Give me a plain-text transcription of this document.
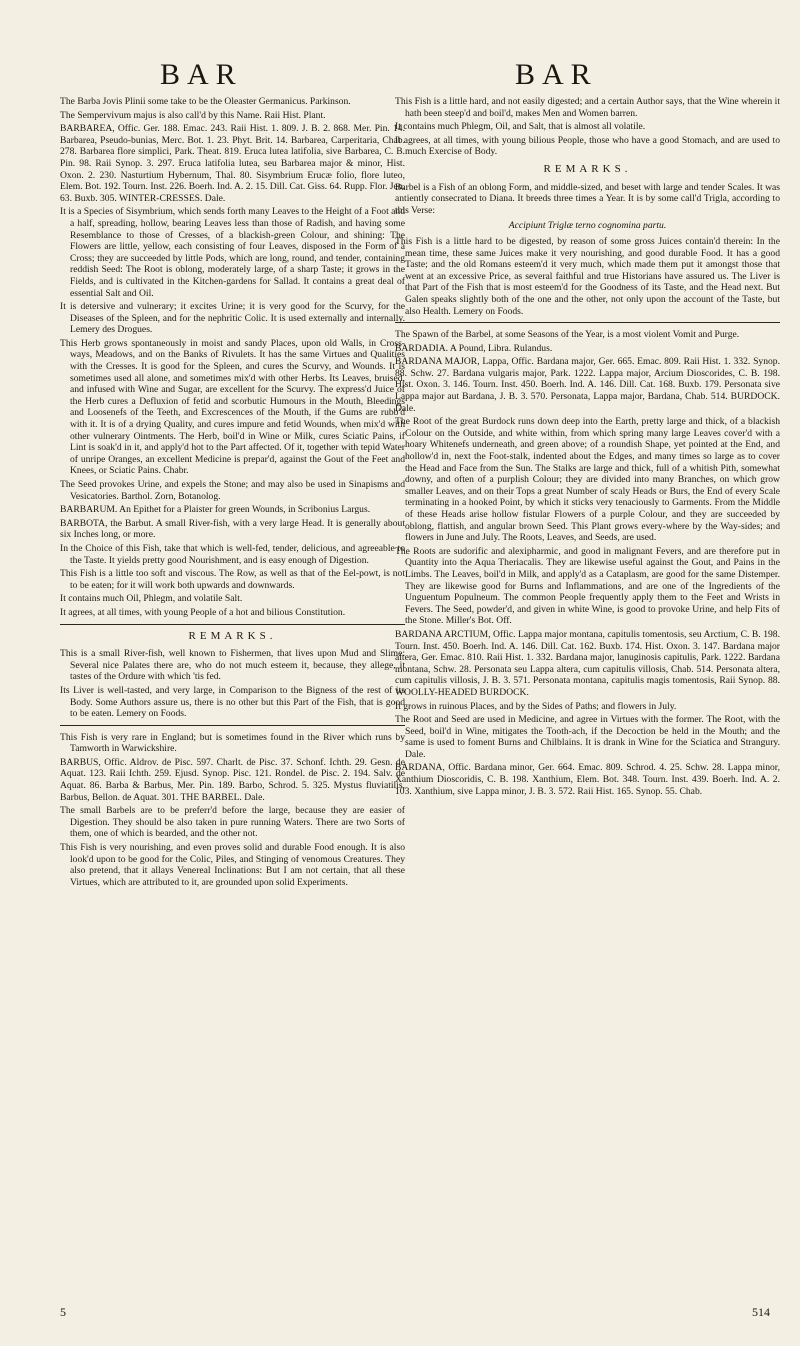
BAR	BAR

The Barba Jovis Plinii some take to be the Oleaster Germanicus. Parkinson.

The Sempervivum majus is also call'd by this Name. Raii Hist. Plant.

BARBAREA, Offic. Ger. 188. Emac. 243. Raii Hist. 1. 809. J. B. 2. 868. Mer. Pin. 14. Barbarea, Pseudo-bunias, Merc. Bot. 1. 23. Phyt. Brit. 14. Barbarea, Carperitaria, Chab. 278. Barbarea flore simplici, Park. Theat. 819. Eruca lutea latifolia, sive Barbarea, C. B. Pin. 98. Raii Synop. 3. 297. Eruca latifolia lutea, seu Barbarea major & minor, Hist. Oxon. 2. 230. Nasturtium Hybernum, Thal. 80. Sisymbrium Erucæ folio, flore luteo, Elem. Bot. 192. Tourn. Inst. 226. Boerh. Ind. A. 2. 15. Dill. Cat. Giss. 64. Rupp. Flor. Jen. 63. Buxb. 305. WINTER-CRESSES. Dale.

It is a Species of Sisymbrium, which sends forth many Leaves to the Height of a Foot and a half, spreading, hollow, bearing Leaves less than those of Radish, and having some Resemblance to those of Cresses, of a blackish-green Colour, and shining: The Flowers are little, yellow, each consisting of four Leaves, disposed in the Form of a Cross; they are succeeded by little Pods, which are long, round, and tender, containing reddish Seed: The Root is oblong, moderately large, of a sharp Taste; it grows in the Fields, and is cultivated in the Kitchen-gardens for Sallad. It contains a great deal of essential Salt and Oil.

It is detersive and vulnerary; it excites Urine; it is very good for the Scurvy, for the Diseases of the Spleen, and for the nephritic Colic. It is used externally and internally. Lemery des Drogues.

This Herb grows spontaneously in moist and sandy Places, upon old Walls, in Cross-ways, Meadows, and on the Banks of Rivulets. It has the same Virtues and Qualities with the Cresses. It is good for the Spleen, and cures the Scurvy, and Wounds. It is sometimes used all alone, and sometimes mix'd with other Herbs. Its Leaves, bruised, and infused with Wine and Sugar, are excellent for the Scurvy. The express'd Juice of the Herb cures a Defluxion of fetid and scorbutic Humours in the Mouth, Bleedings and Loosenefs of the Teeth, and Excrescences of the Mouth, if the Gums are rubb'd with it. It is of a drying Quality, and cures impure and fetid Wounds, when mix'd with other vulnerary Ointments. The Herb, boil'd in Wine or Milk, cures Sciatic Pains, if Lint is soak'd in it, and apply'd hot to the Part affected. Of it, together with tepid Water of unripe Oranges, an excellent Medicine is prepar'd, against the Gout of the Feet and Knees, or Sciatic Pains. Chabr.

The Seed provokes Urine, and expels the Stone; and may also be used in Sinapisms and Vesicatories. Barthol. Zorn, Botanolog.

BARBARUM. An Epithet for a Plaister for green Wounds, in Scribonius Largus.

BARBOTA, the Barbut. A small River-fish, with a very large Head. It is generally about six Inches long, or more.

In the Choice of this Fish, take that which is well-fed, tender, delicious, and agreeable to the Taste. It yields pretty good Nourishment, and is easy enough of Digestion.

This Fish is a little too soft and viscous. The Row, as well as that of the Eel-powt, is not to be eaten; for it will work both upwards and downwards.

It contains much Oil, Phlegm, and volatile Salt.

It agrees, at all times, with young People of a hot and bilious Constitution.

REMARKS.

This is a small River-fish, well known to Fishermen, that lives upon Mud and Slime: Several nice Palates there are, who do not much esteem it, because, they allege, it tastes of the Ordure with which 'tis fed.

Its Liver is well-tasted, and very large, in Comparison to the Bigness of the rest of its Body. Some Authors assure us, there is no other but this Part of the Fish, that is good to be eaten. Lemery on Foods.

This Fish is very rare in England; but is sometimes found in the River which runs by Tamworth in Warwickshire.

BARBUS, Offic. Aldrov. de Pisc. 597. Charlt. de Pisc. 37. Schonf. Ichth. 29. Gesn. de Aquat. 123. Raii Ichth. 259. Ejusd. Synop. Pisc. 121. Rondel. de Pisc. 2. 194. Salv. de Aquat. 86. Barba & Barbus, Mer. Pin. 189. Barbo, Schrod. 5. 325. Mystus fluviatilis, Barbus, Bellon. de Aquat. 301. THE BARBEL. Dale.

The small Barbels are to be preferr'd before the large, because they are easier of Digestion. They should be also taken in pure running Waters. There are two Sorts of them, one of which is bearded, and the other not.

This Fish is very nourishing, and even proves solid and durable Food enough. It is also look'd upon to be good for the Colic, Piles, and Stinging of venomous Creatures. They also pretend, that it allays Venereal Inclinations: But I am not certain, that all these Virtues, which are attributed to it, are grounded upon solid Experiments.

This Fish is a little hard, and not easily digested; and a certain Author says, that the Wine wherein it hath been steep'd and boil'd, makes Men and Women barren.

It contains much Phlegm, Oil, and Salt, that is almost all volatile.

It agrees, at all times, with young bilious People, those who have a good Stomach, and are used to much Exercise of Body.

REMARKS.

Barbel is a Fish of an oblong Form, and middle-sized, and beset with large and tender Scales. It was antiently consecrated to Diana. It breeds three times a Year. It is by some call'd Trigla, according to this Verse:

Accipiunt Triglæ terno cognomina partu.

This Fish is a little hard to be digested, by reason of some gross Juices contain'd therein: In the mean time, these same Juices make it very nourishing, and good durable Food. It has a good Taste; and the old Romans esteem'd it very much, which made them put it amongst those that went at an excessive Price, as several faithful and true Historians have assured us. The Liver is that Part of the Fish that is most esteem'd for the Goodness of its Taste, and the Head next. But Galen speaks slightly both of the one and the other, not only upon the account of the Taste, but also Health. Lemery on Foods.

The Spawn of the Barbel, at some Seasons of the Year, is a most violent Vomit and Purge.

BARDADIA. A Pound, Libra. Rulandus.

BARDANA MAJOR, Lappa, Offic. Bardana major, Ger. 665. Emac. 809. Raii Hist. 1. 332. Synop. 88. Schw. 27. Bardana vulgaris major, Park. 1222. Lappa major, Arcium Dioscorides, C. B. 198. Hist. Oxon. 3. 146. Tourn. Inst. 450. Boerh. Ind. A. 146. Dill. Cat. 168. Buxb. 179. Personata sive Lappa major aut Bardana, J. B. 3. 570. Personata, Lappa major, Bardana, Chab. 514. BURDOCK. Dale.

The Root of the great Burdock runs down deep into the Earth, pretty large and thick, of a blackish Colour on the Outside, and white within, from which spring many large Leaves cover'd with a hoary Whitenefs underneath, and green above; of a roundish Shape, yet pointed at the End, and hollow'd in, next the Foot-stalk, indented about the Edges, and many times so large as to cover the Head and Face from the Sun. The Stalks are large and thick, full of a whitish Pith, somewhat downy, and often of a purplish Colour; they are divided into many Branches, on which grow smaller Leaves, and on their Tops a great Number of scaly Heads or Burs, the End of every Scale terminating in a hooked Point, by which it sticks very tenaciously to Garments. From the Middle of these Heads arise hollow fistular Flowers of a purple Colour, and they are succeeded by oblong, flattish, and angular brown Seed. This Plant grows every-where by the Way-sides; and flowers in June and July. The Roots, Leaves, and Seeds, are used.

The Roots are sudorific and alexipharmic, and good in malignant Fevers, and are therefore put in Quantity into the Aqua Theriacalis. They are likewise useful against the Gout, and Pains in the Limbs. The Leaves, boil'd in Milk, and apply'd as a Cataplasm, are good for the same Distemper. They are likewise good for Burns and Inflammations, and are one of the Ingredients of the Unguentum Populneum. The common People frequently apply them to the Feet and Wrists in Fevers. The Seed, powder'd, and given in white Wine, is good to provoke Urine, and help Fits of the Stone. Miller's Bot. Off.

BARDANA ARCTIUM, Offic. Lappa major montana, capitulis tomentosis, seu Arctium, C. B. 198. Tourn. Inst. 450. Boerh. Ind. A. 146. Dill. Cat. 162. Buxb. 174. Hist. Oxon. 3. 147. Bardana major altera, Ger. Emac. 810. Raii Hist. 1. 332. Bardana major, lanuginosis capitulis, Park. 1222. Bardana montana, Schw. 28. Personata seu Lappa altera, cum capitulis villosis, Chab. 514. Personata altera, cum capitulis villosis, J. B. 3. 571. Personata montana, capitulis magis tomentosis, Raii Synop. 88. WOOLLY-HEADED BURDOCK.

It grows in ruinous Places, and by the Sides of Paths; and flowers in July.

The Root and Seed are used in Medicine, and agree in Virtues with the former. The Root, with the Seed, boil'd in Wine, mitigates the Tooth-ach, if the Decoction be held in the Mouth; and the same is used to foment Burns and Chilblains. It is drank in Wine for the Sciatica and Strangury. Dale.

BARDANA, Offic. Bardana minor, Ger. 664. Emac. 809. Schrod. 4. 25. Schw. 28. Lappa minor, Xanthium Dioscoridis, C. B. 198. Xanthium, Elem. Bot. 348. Tourn. Inst. 439. Boerh. Ind. A. 2. 103. Xanthium, sive Lappa minor, J. B. 3. 572. Raii Hist. 165. Synop. 55. Chab.

5	514
